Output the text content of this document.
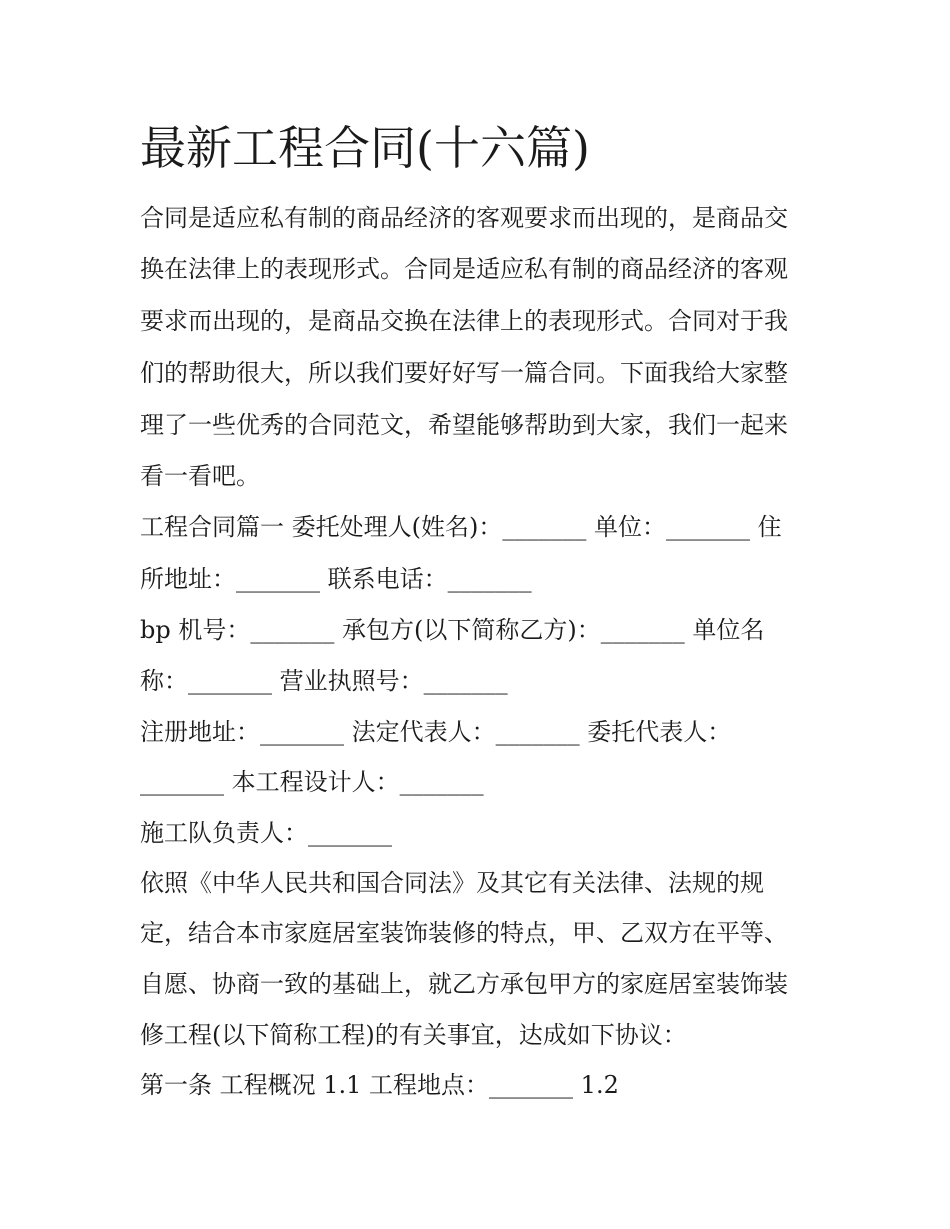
最新工程合同(十六篇)

合同是适应私有制的商品经济的客观要求而出现的，是商品交

换在法律上的表现形式。合同是适应私有制的商品经济的客观

要求而出现的，是商品交换在法律上的表现形式。合同对于我

们的帮助很大，所以我们要好好写一篇合同。下面我给大家整

理了一些优秀的合同范文，希望能够帮助到大家，我们一起来

看一看吧。

工程合同篇一 委托处理人(姓名)：_______ 单位：_______ 住

所地址：_______ 联系电话：_______

bp 机号：_______ 承包方(以下简称乙方)：_______ 单位名

称：_______ 营业执照号：_______

注册地址：_______ 法定代表人：_______ 委托代表人：

_______ 本工程设计人：_______

施工队负责人：_______

依照《中华人民共和国合同法》及其它有关法律、法规的规

定，结合本市家庭居室装饰装修的特点，甲、乙双方在平等、

自愿、协商一致的基础上，就乙方承包甲方的家庭居室装饰装

修工程(以下简称工程)的有关事宜，达成如下协议：

第一条 工程概况 1.1 工程地点：_______ 1.2
